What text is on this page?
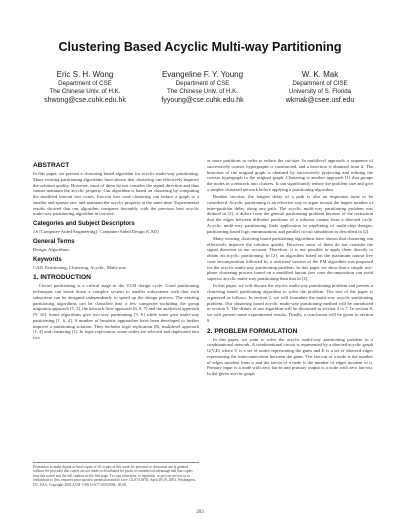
Clustering Based Acyclic Multi-way Partitioning
Eric S. H. Wong
Department of CSE
The Chinese Univ. of H.K.
shwong@cse.cuhk.edu.hk
Evangeline F. Y. Young
Department of CSE
The Chinese Univ. of H.K.
fyyoung@cse.cuhk.edu.hk
W. K. Mak
Department of CISE
University of S. Florida
wkmak@csee.usf.edu
ABSTRACT

In this paper, we present a clustering based algorithm for acyclic multi-way partitioning. Many existing partitioning algorithms have shown that clustering can effectively improve the solution quality. However, most of them do not consider the signal direction and thus cannot maintain the acyclic property. Our algorithm is based on clustering by computing the modified fan-out free cones. Fan-out free cone clustering can reduce a graph to a smaller and sparser one, and maintain the acyclic property at the same time. Experimental results showed that our algorithm compares favorably with the previous best acyclic multi-way partitioning algorithm in cut-size.

Categories and Subject Descriptors

J.6 [Computer-Aided Engineering]: Computer-Aided Design (CAD)

General Terms

Design, Algorithms

Keywords

CAD, Partitioning, Clustering, Acyclic, Multi-way

1. INTRODUCTION

Circuit partitioning is a critical stage in the VLSI design cycle. Good partitioning techniques can break down a complex system to smaller subsystems such that each subsystem can be designed independently to speed up the design process. The existing partitioning algorithms can be classified into a few categories including the group migration approach [5, 3], the network flow approach [6, 6, 7] and the analytical approach [9, 10]. Some algorithms give two-way partitioning [5, 6] while some give multi-way partitioning [1, 6, 4]. A number of heuristic approaches have been developed to further improve a partitioning solution. They includes logic replication [8], multilevel approach [1, 4] and clustering [1]. In logic replication, some nodes are selected and duplicated into two

Permission to make digital or hard copies of all or part of this work for personal or classroom use is granted without fee provided that copies are not made or distributed for profit or commercial advantage and that copies bear this notice and the full citation on the first page. To copy otherwise, to republish, to post on servers or to redistribute to lists, requires prior specific permission and/or a fee. GLSVLSI'03, April 28-29, 2003, Washington, DC, USA. Copyright 2003 ACM 1-58113-677-3/03/0004...$5.00.

or more partitions in order to reduce the cut-size. In multilevel approach, a sequence of successively coarser hypergraphs is constructed, and a bisection is obtained from it. The bisection of the original graph is obtained by successively projecting and refining the coarser hypergraph to the original graph. Clustering is another approach [1] that groups the nodes in a network into clusters. It can significantly reduce the problem size and give a simpler clustered network before applying a partitioning algorithm.

Besides cut-size, the longest delay of a path is also an important issue to be considered. Acyclic partitioning is an effective way to argue toward the largest number of inter-partition delay along any path. The acyclic multi-way partitioning problem was defined in [2], it differs from the general partitioning problem because of the restriction that the edges between different partitions of a solution cannot form a directed cycle. Acyclic multi-way partitioning finds application in pipelining of multi-chip designs, partitioning based logic minimization, and parallel circuit simulation as described in [2].

Many existing clustering based partitioning algorithms have shown that clustering can effectively improve the solution quality. However, most of them do not consider the signal direction in our account. Therefore, it is not possible to apply them directly to obtain an acyclic partitioning. In [2], an algorithm based on the maximum fanout free cone decomposition followed by a restricted version of the FM algorithm was proposed for the acyclic multi-way partitioning problem. In this paper we show that a simple two-phase clustering process based on a modified fanout free cone decomposition can yield superior acyclic multi-way partitioning than that in [2].

In this paper, we will discuss the acyclic multi-way partitioning problem and present a clustering based partitioning algorithm to solve the problem. The rest of the paper is organized as follows. In section 2, we will formulate the multi-way acyclic partitioning problem. Our clustering based acyclic multi-way partitioning method will be introduced in section 3. The details of our algorithm will be discussed in section 4 to 7. In section 8, we will present some experimental results. Finally, a conclusion will be given in section 9.

2. PROBLEM FORMULATION

In this paper, we want to solve the acyclic multi-way partitioning problem in a combinational network. A combinational circuit is represented by a directed acyclic graph G(V,E) where V is a set of nodes representing the gates and E is a set of directed edges representing the interconnections between the gates. The fan-out of a node is the number of edges incident from it and the fan-in of a node is the number of edges incident to it. Primary input is a node with zero fan-in and primary output is a node with zero fan-out. In the given acyclic graph

203
